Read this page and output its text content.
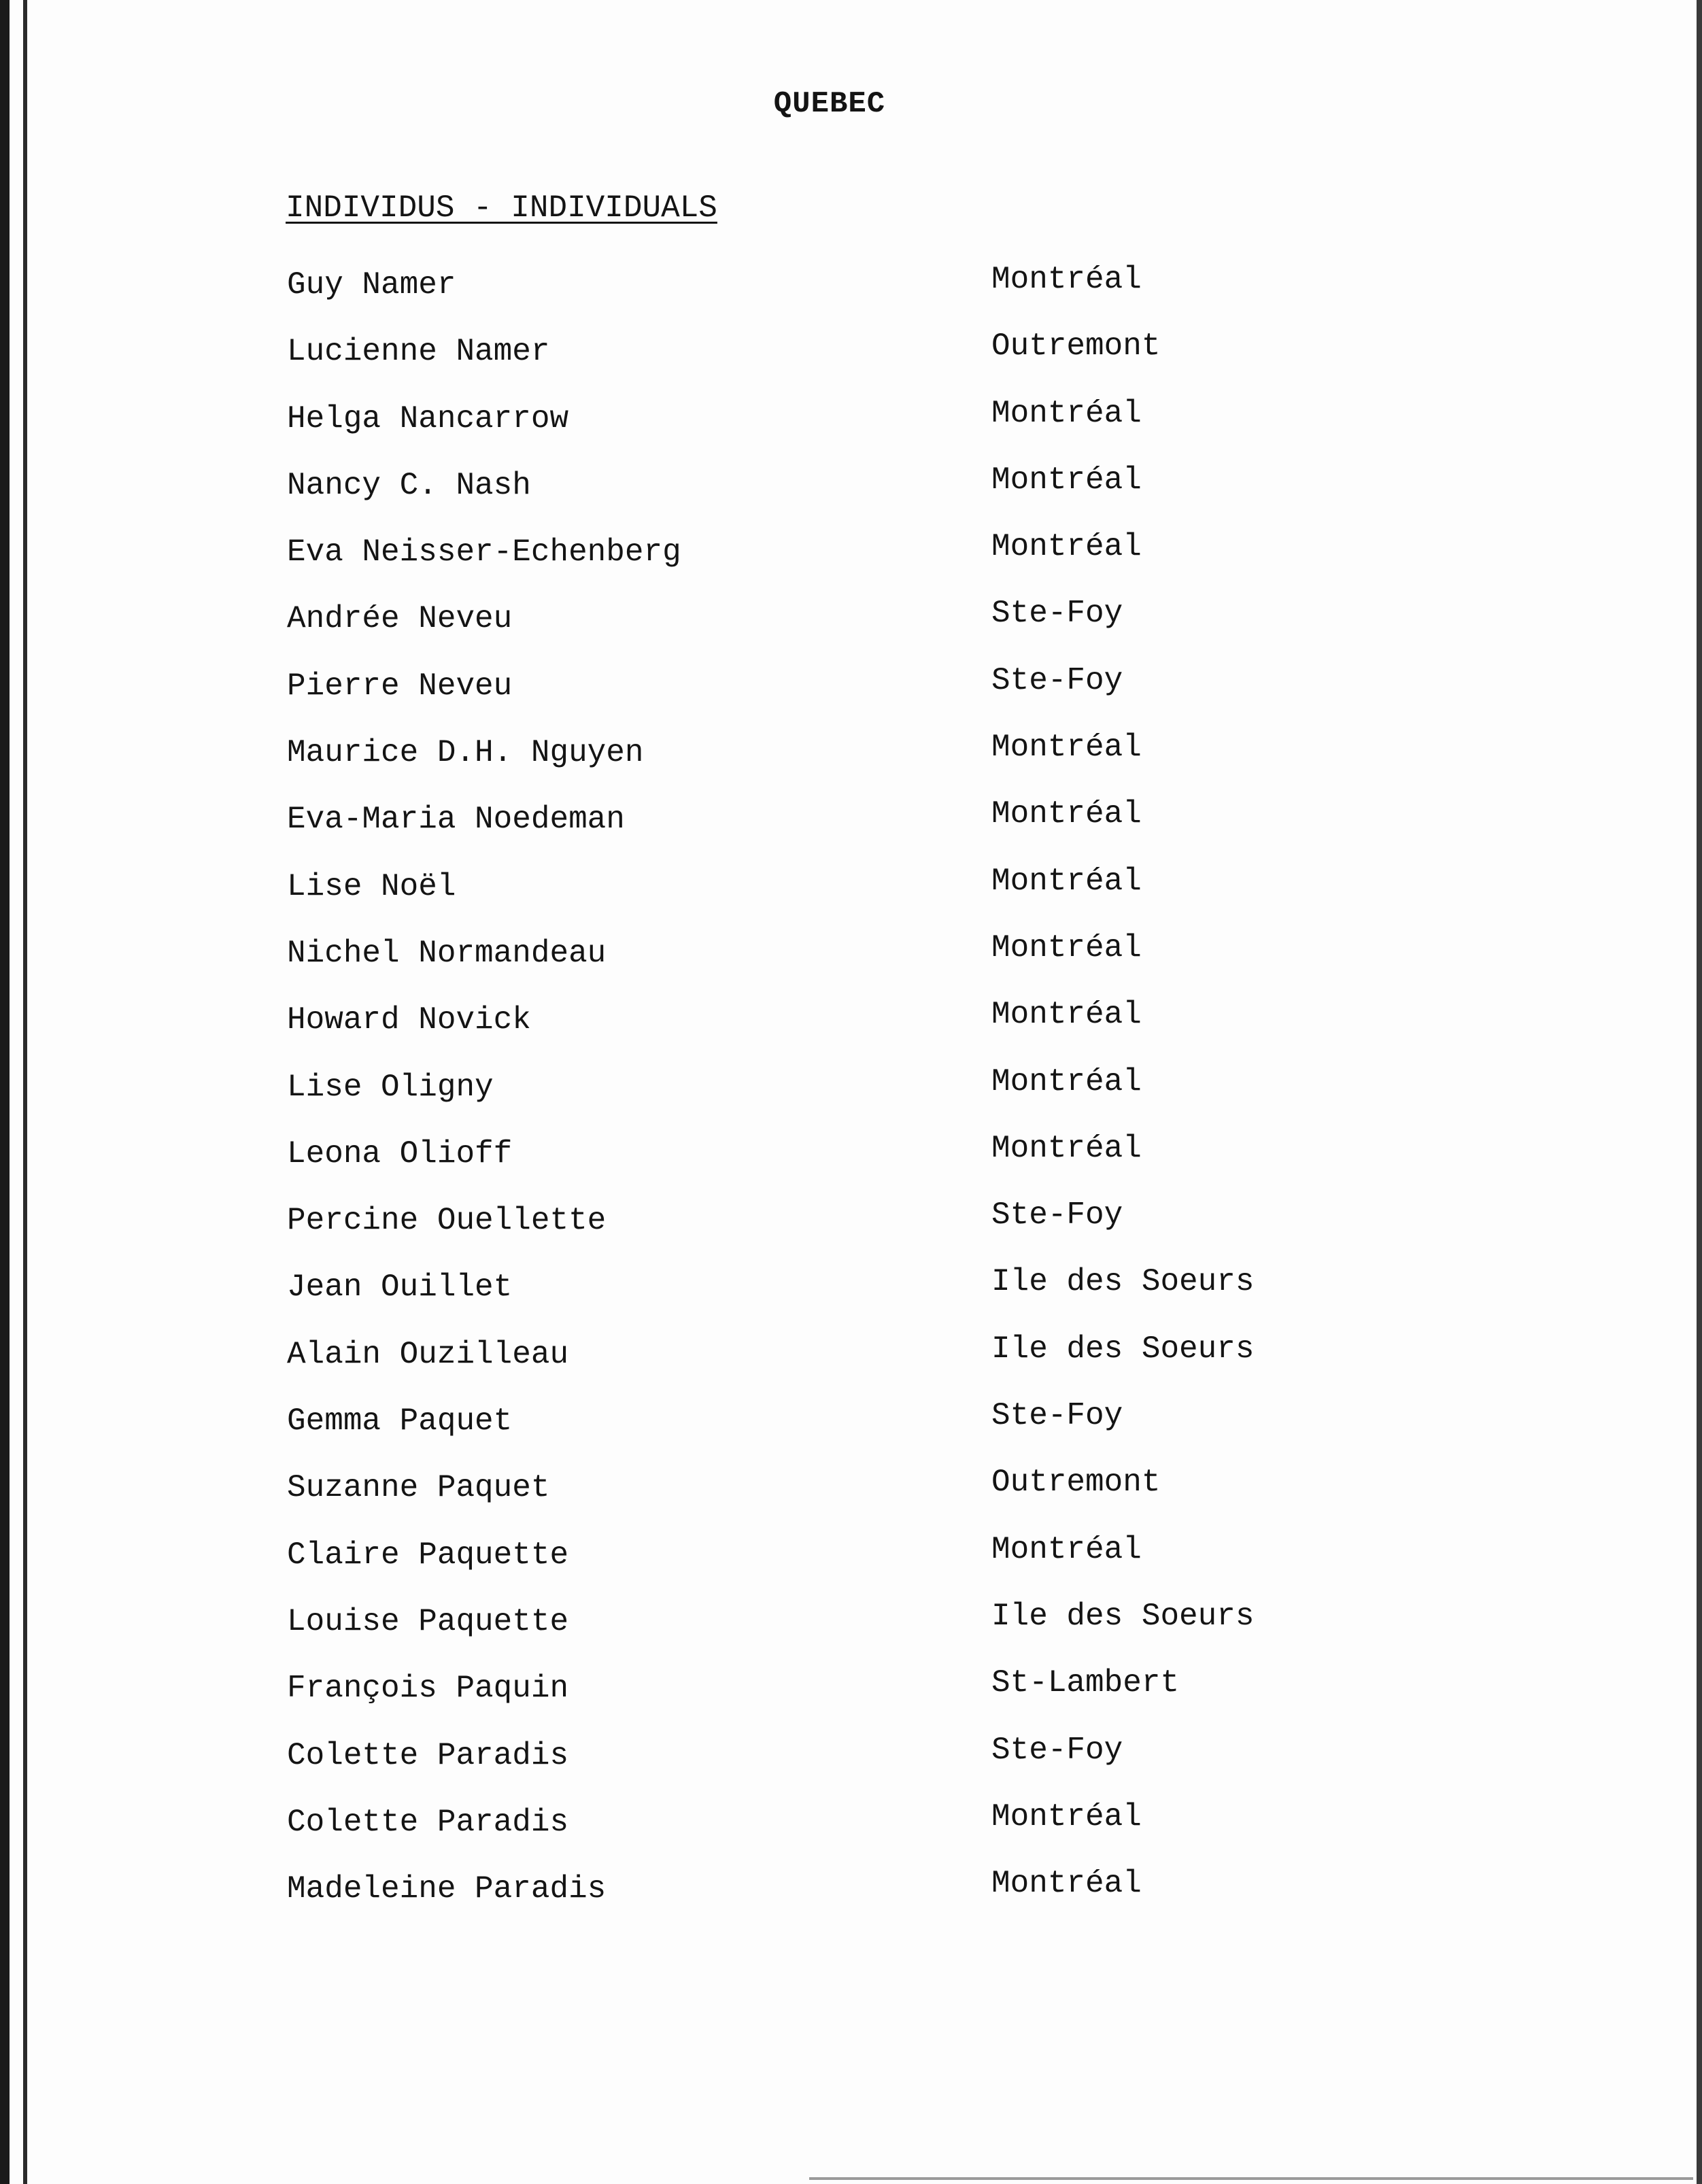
QUEBEC
INDIVIDUS - INDIVIDUALS
Guy Namer	Montréal
Lucienne Namer	Outremont
Helga Nancarrow	Montréal
Nancy C. Nash	Montréal
Eva Neisser-Echenberg	Montréal
Andrée Neveu	Ste-Foy
Pierre Neveu	Ste-Foy
Maurice D.H. Nguyen	Montréal
Eva-Maria Noedeman	Montréal
Lise Noël	Montréal
Nichel Normandeau	Montréal
Howard Novick	Montréal
Lise Oligny	Montréal
Leona Olioff	Montréal
Percine Ouellette	Ste-Foy
Jean Ouillet	Ile des Soeurs
Alain Ouzilleau	Ile des Soeurs
Gemma Paquet	Ste-Foy
Suzanne Paquet	Outremont
Claire Paquette	Montréal
Louise Paquette	Ile des Soeurs
François Paquin	St-Lambert
Colette Paradis	Ste-Foy
Colette Paradis	Montréal
Madeleine Paradis	Montréal
